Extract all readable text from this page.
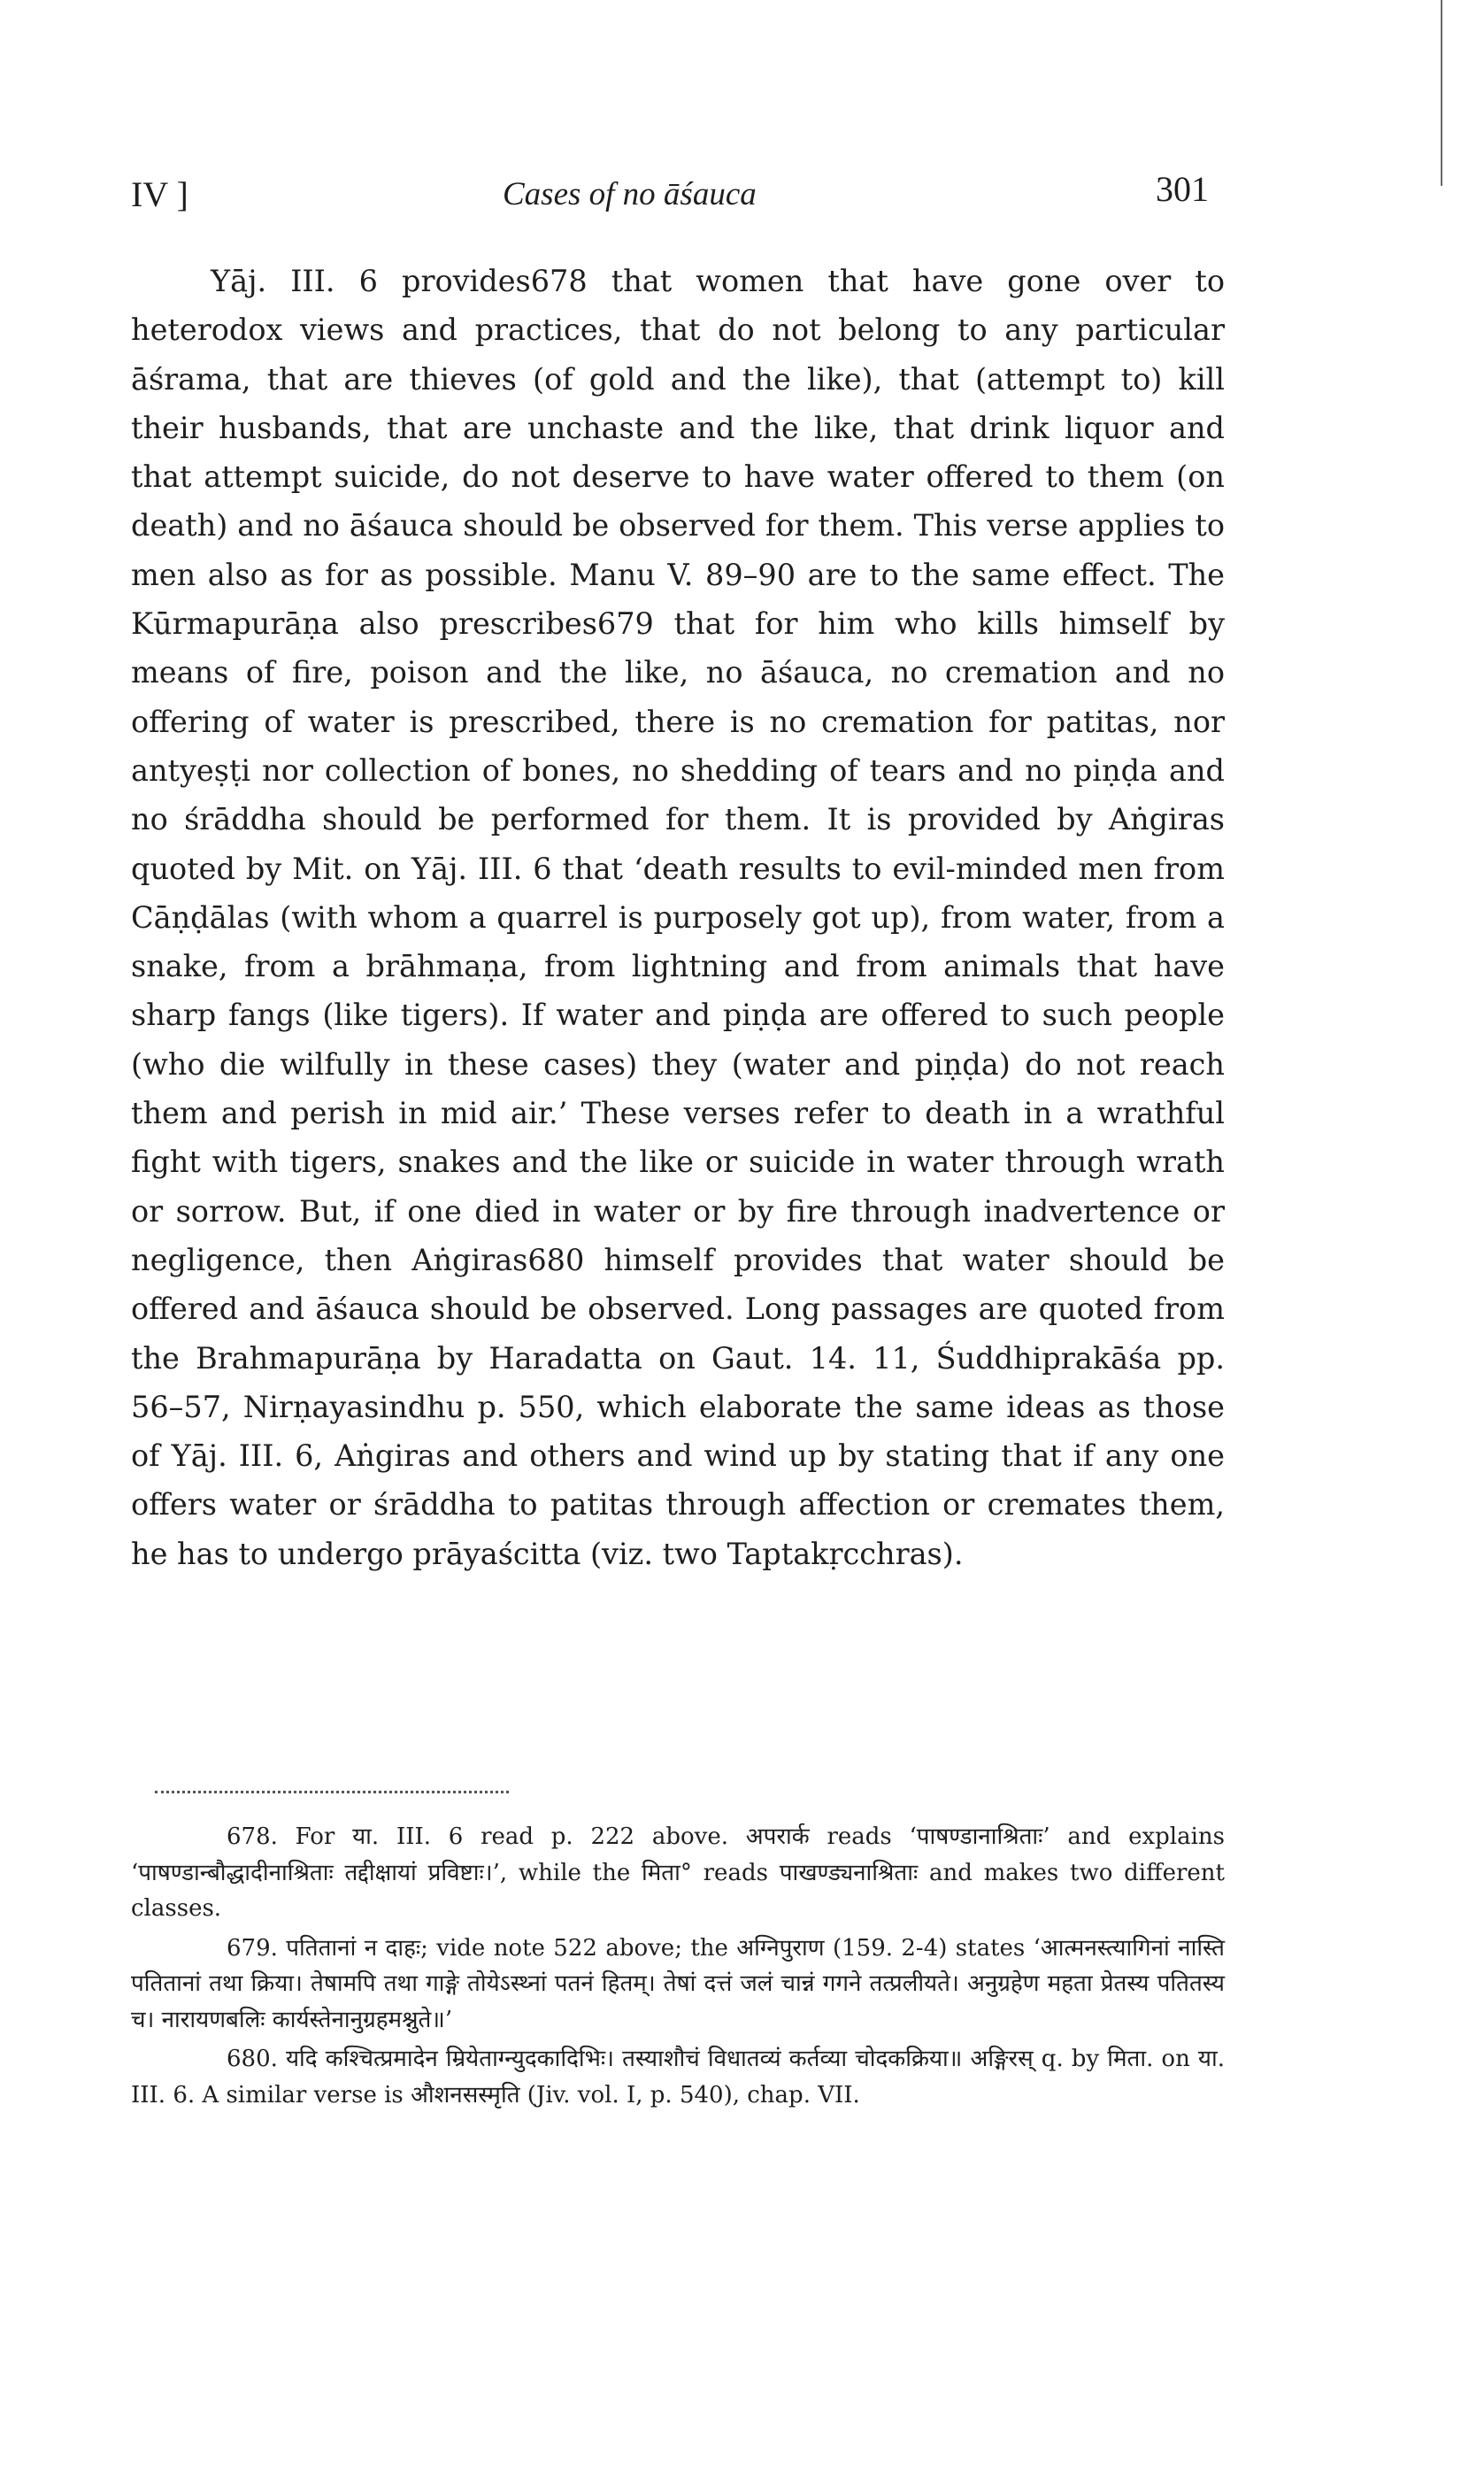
IV ]	Cases of no āśauca	301

Yāj. III. 6 provides678 that women that have gone over to heterodox views and practices, that do not belong to any particular āśrama, that are thieves (of gold and the like), that (attempt to) kill their husbands, that are unchaste and the like, that drink liquor and that attempt suicide, do not deserve to have water offered to them (on death) and no āśauca should be observed for them. This verse applies to men also as for as possible. Manu V. 89–90 are to the same effect. The Kūrmapurāṇa also prescribes679 that for him who kills himself by means of fire, poison and the like, no āśauca, no cremation and no offering of water is prescribed, there is no cremation for patitas, nor antyeṣṭi nor collection of bones, no shedding of tears and no piṇḍa and no śrāddha should be performed for them. It is provided by Aṅgiras quoted by Mit. on Yāj. III. 6 that ‘death results to evil-minded men from Cāṇḍālas (with whom a quarrel is purposely got up), from water, from a snake, from a brāhmaṇa, from lightning and from animals that have sharp fangs (like tigers). If water and piṇḍa are offered to such people (who die wilfully in these cases) they (water and piṇḍa) do not reach them and perish in mid air.’ These verses refer to death in a wrathful fight with tigers, snakes and the like or suicide in water through wrath or sorrow. But, if one died in water or by fire through inadvertence or negligence, then Aṅgiras680 himself provides that water should be offered and āśauca should be observed. Long passages are quoted from the Brahmapurāṇa by Haradatta on Gaut. 14. 11, Śuddhiprakāśa pp. 56–57, Nirṇayasindhu p. 550, which elaborate the same ideas as those of Yāj. III. 6, Aṅgiras and others and wind up by stating that if any one offers water or śrāddha to patitas through affection or cremates them, he has to undergo prāyaścitta (viz. two Taptakṛcchras).

678. For या. III. 6 read p. 222 above. अपरार्क reads ‘पाषण्डानाश्रिताः’ and explains ‘पाषण्डान्बौद्धादीनाश्रिताः तद्दीक्षायां प्रविष्टाः।’, while the मिता° reads पाखण्ड्यनाश्रिताः and makes two different classes.

679. पतितानां न दाहः; vide note 522 above; the अग्निपुराण (159. 2-4) states ‘आत्मनस्त्यागिनां नास्ति पतितानां तथा क्रिया। तेषामपि तथा गाङ्गे तोयेऽस्थ्नां पतनं हितम्। तेषां दत्तं जलं चान्नं गगने तत्प्रलीयते। अनुग्रहेण महता प्रेतस्य पतितस्य च। नारायणबलिः कार्यस्तेनानुग्रहमश्नुते॥’

680. यदि कश्चित्प्रमादेन म्रियेताग्न्युदकादिभिः। तस्याशौचं विधातव्यं कर्तव्या चोदकक्रिया॥ अङ्गिरस् q. by मिता. on या. III. 6. A similar verse is औशनसस्मृति (Jiv. vol. I, p. 540), chap. VII.
